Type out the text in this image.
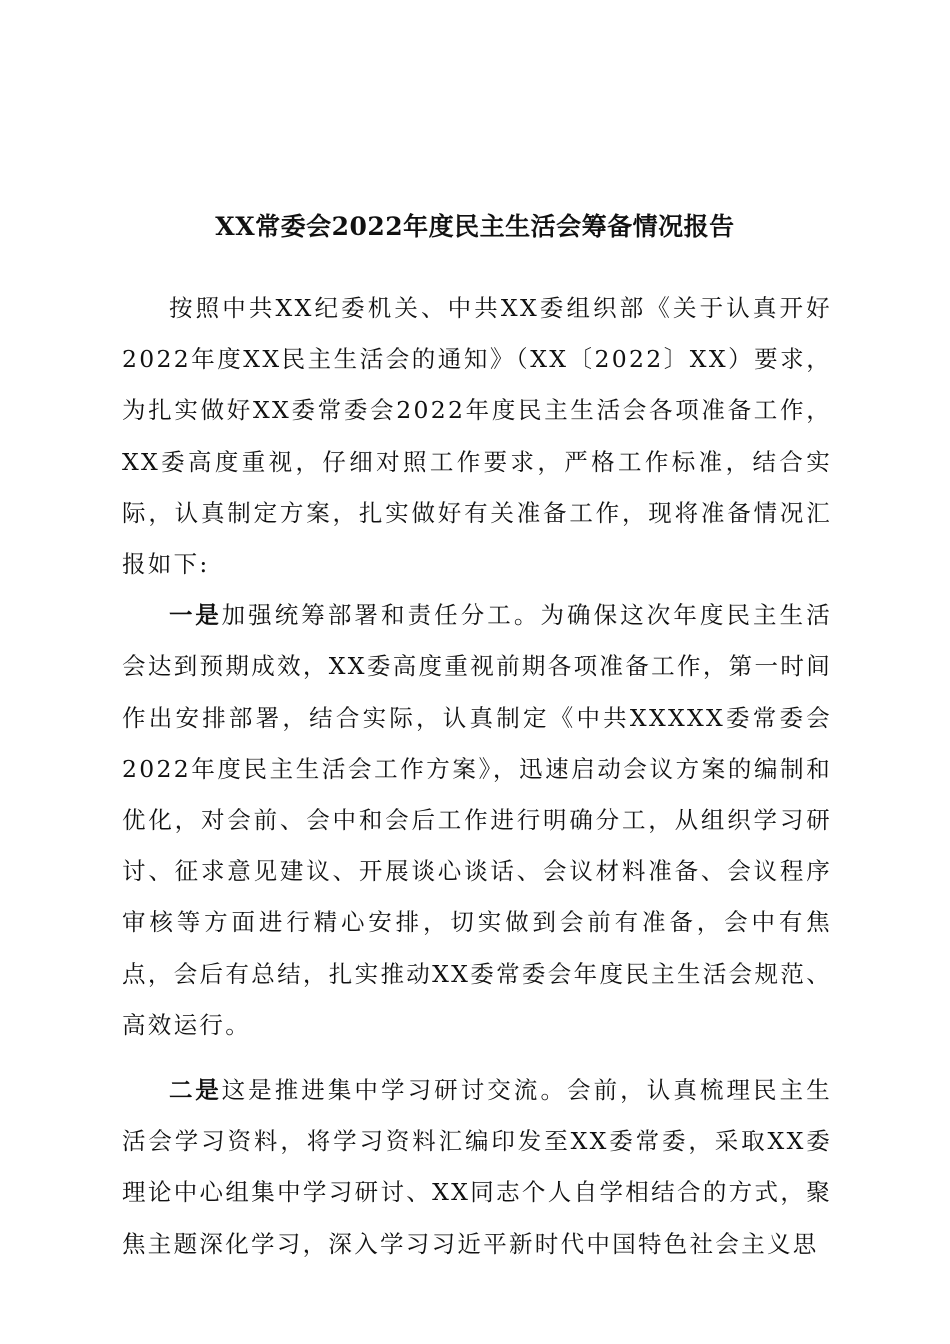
XX常委会2022年度民主生活会筹备情况报告

按照中共XX纪委机关、中共XX委组织部《关于认真开好2022年度XX民主生活会的通知》（XX〔2022〕XX）要求，为扎实做好XX委常委会2022年度民主生活会各项准备工作，XX委高度重视，仔细对照工作要求，严格工作标准，结合实际，认真制定方案，扎实做好有关准备工作，现将准备情况汇报如下:

一是加强统筹部署和责任分工。为确保这次年度民主生活会达到预期成效，XX委高度重视前期各项准备工作，第一时间作出安排部署，结合实际，认真制定《中共XXXXX委常委会2022年度民主生活会工作方案》，迅速启动会议方案的编制和优化，对会前、会中和会后工作进行明确分工，从组织学习研讨、征求意见建议、开展谈心谈话、会议材料准备、会议程序审核等方面进行精心安排，切实做到会前有准备，会中有焦点，会后有总结，扎实推动XX委常委会年度民主生活会规范、高效运行。

二是这是推进集中学习研讨交流。会前，认真梳理民主生活会学习资料，将学习资料汇编印发至XX委常委，采取XX委理论中心组集中学习研讨、XX同志个人自学相结合的方式，聚焦主题深化学习，深入学习习近平新时代中国特色社会主义思
